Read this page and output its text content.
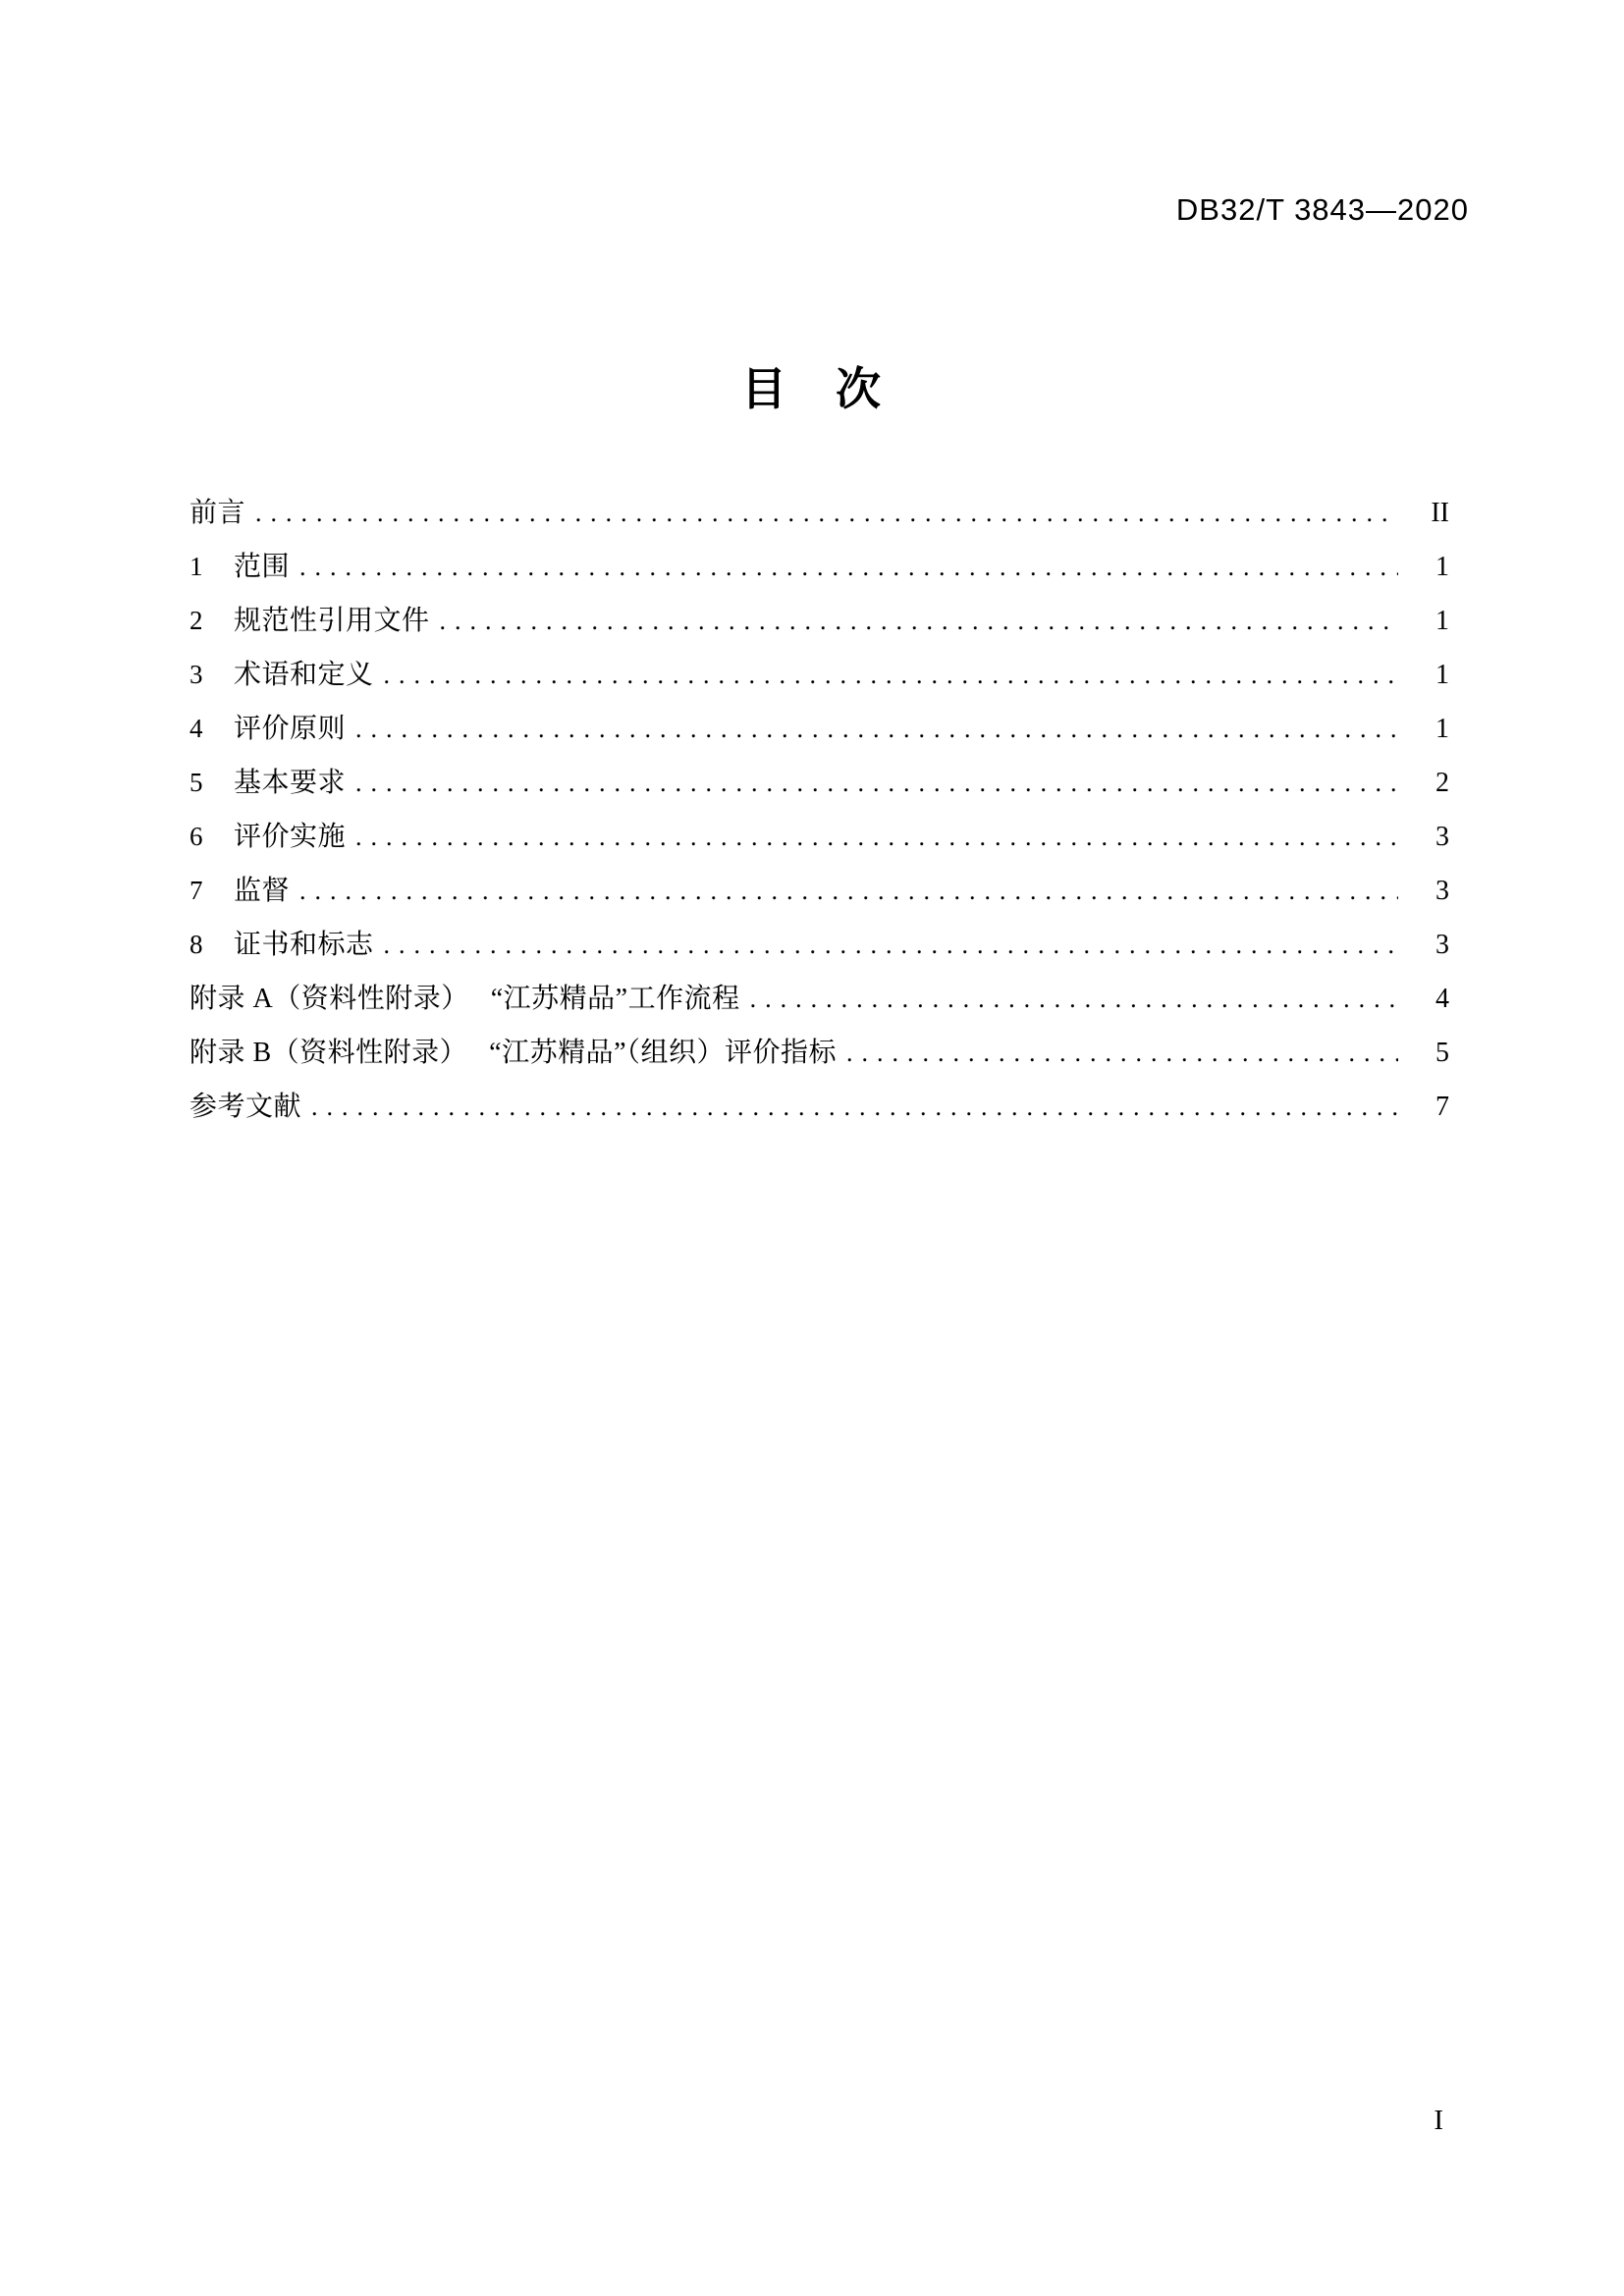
DB32/T 3843—2020
目　次
前言 .....	II
1	范围 .....	1
2	规范性引用文件 .....	1
3	术语和定义 .....	1
4	评价原则 .....	1
5	基本要求 .....	2
6	评价实施 .....	3
7	监督 .....	3
8	证书和标志 .....	3
附录 A（资料性附录）　 “江苏精品”工作流程 .....	4
附录 B（资料性附录）　 “江苏精品”（组织）评价指标 .....	5
参考文献 .....	7
I
